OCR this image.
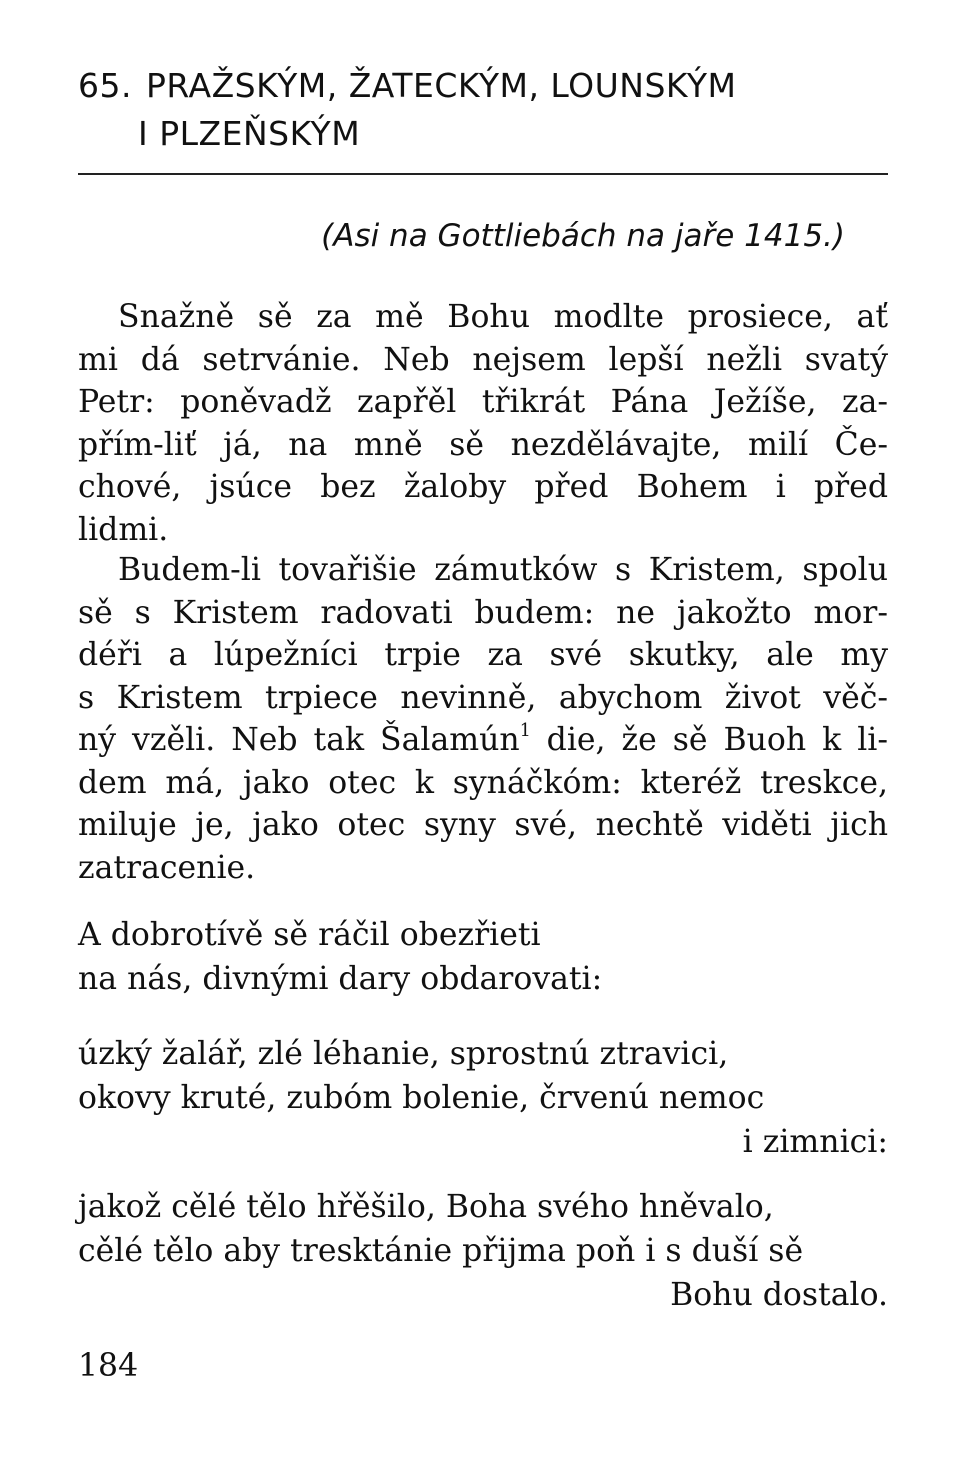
65. PRAŽSKÝM, ŽATECKÝM, LOUNSKÝM
I PLZEŇSKÝM
(Asi na Gottliebách na jaře 1415.)
Snažně sě za mě Bohu modlte prosiece, ať
mi dá setrvánie. Neb nejsem lepší nežli svatý
Petr: poněvadž zapřěl třikrát Pána Ježíše, za-
přím-liť já, na mně sě nezdělávajte, milí Če-
chové, jsúce bez žaloby před Bohem i před
lidmi.
Budem-li tovařišie zámutków s Kristem, spolu
sě s Kristem radovati budem: ne jakožto mor-
déři a lúpežníci trpie za své skutky, ale my
s Kristem trpiece nevinně, abychom život věč-
ný vzěli. Neb tak Šalamún$^1$ die, že sě Buoh k li-
dem má, jako otec k synáčkóm: kteréž treskce,
miluje je, jako otec syny své, nechtě viděti jich
zatracenie.
A dobrotívě sě ráčil obezřieti
na nás, divnými dary obdarovati:
úzký žalář, zlé léhanie, sprostnú ztravici,
okovy kruté, zubóm bolenie, črvenú nemoc
i zimnici:
jakož cělé tělo hřěšilo, Boha svého hněvalo,
cělé tělo aby tresktánie přijma poň i s duší sě
Bohu dostalo.
184
